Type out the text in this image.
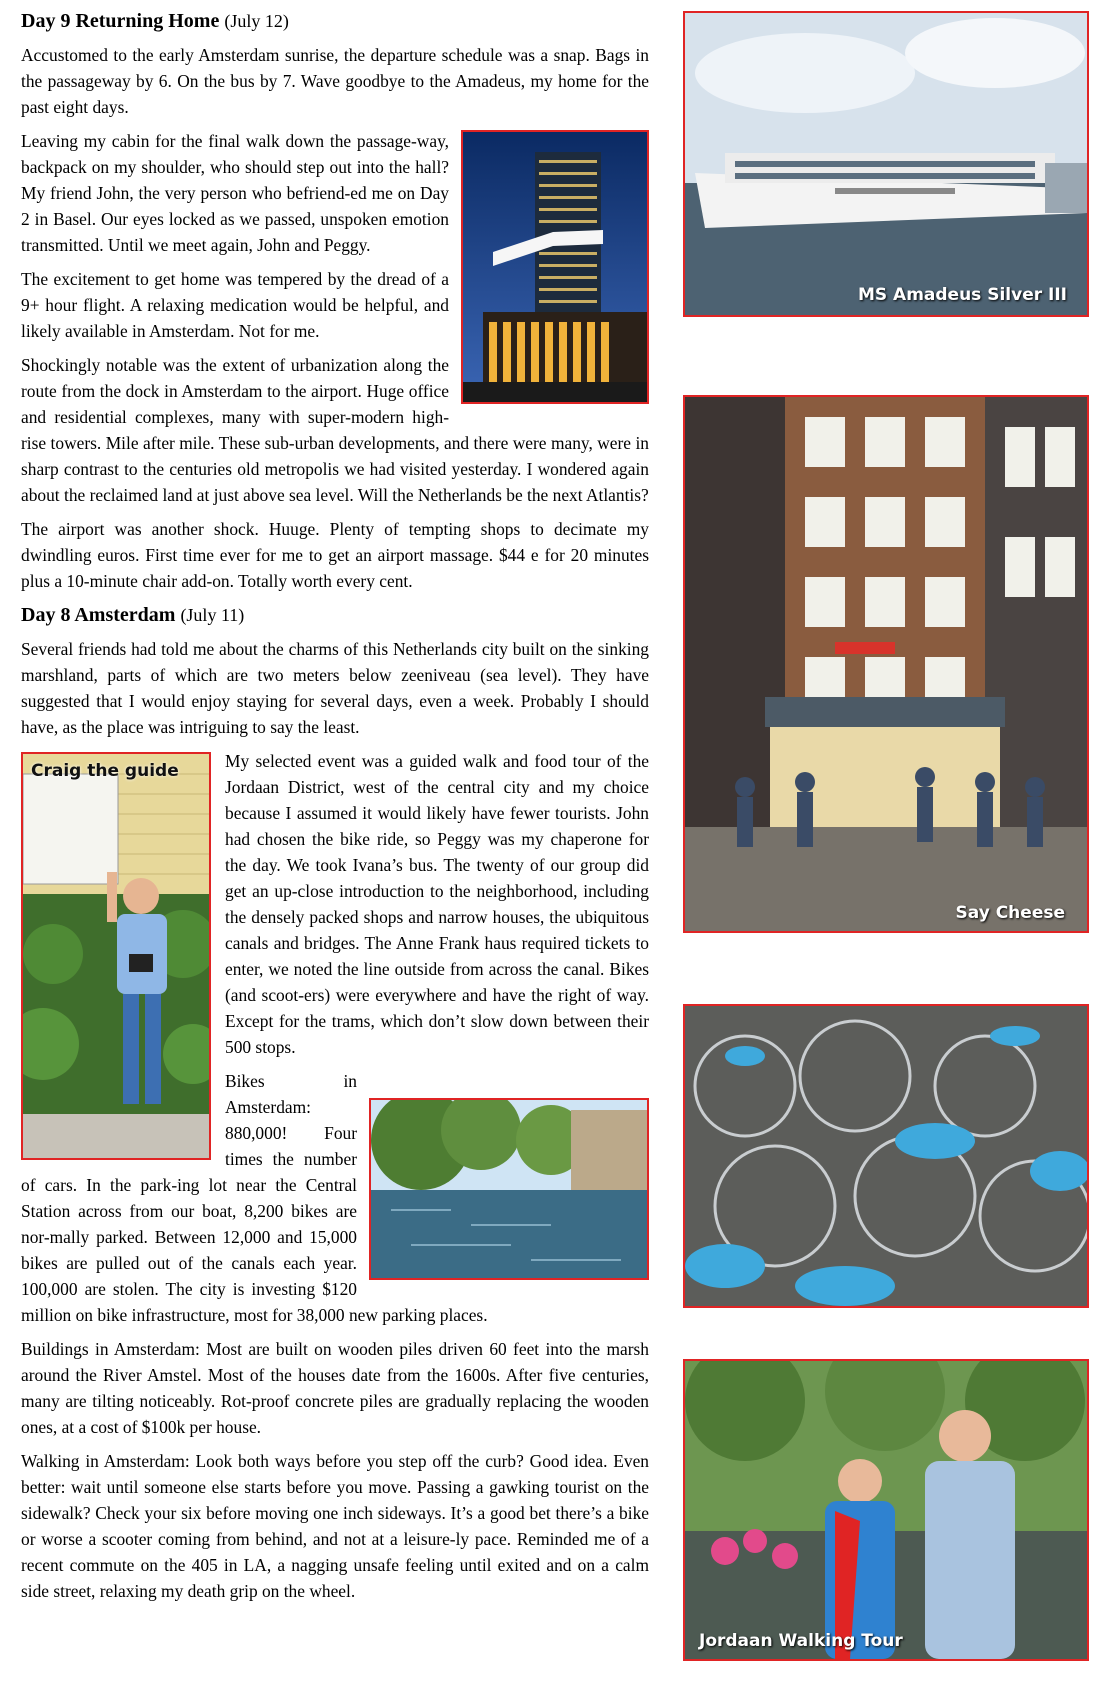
Day 9 Returning Home (July 12)

Accustomed to the early Amsterdam sunrise, the departure schedule was a snap. Bags in the passageway by 6. On the bus by 7. Wave goodbye to the Amadeus, my home for the past eight days.

Leaving my cabin for the final walk down the passage-way, backpack on my shoulder, who should step out into the hall? My friend John, the very person who befriend-ed me on Day 2 in Basel. Our eyes locked as we passed, unspoken emotion transmitted. Until we meet again, John and Peggy.

The excitement to get home was tempered by the dread of a 9+ hour flight. A relaxing medication would be helpful, and likely available in Amsterdam. Not for me.

Shockingly notable was the extent of urbanization along the route from the dock in Amsterdam to the airport. Huge office and residential complexes, many with super-modern high-rise towers. Mile after mile. These sub-urban developments, and there were many, were in sharp contrast to the centuries old metropolis we had visited yesterday. I wondered again about the reclaimed land at just above sea level. Will the Netherlands be the next Atlantis?

The airport was another shock. Huuge. Plenty of tempting shops to decimate my dwindling euros. First time ever for me to get an airport massage. $44 e for 20 minutes plus a 10-minute chair add-on. Totally worth every cent.

Day 8 Amsterdam (July 11)

Several friends had told me about the charms of this Netherlands city built on the sinking marshland, parts of which are two meters below zeeniveau (sea level). They have suggested that I would enjoy staying for several days, even a week. Probably I should have, as the place was intriguing to say the least.

Craig the guide	My selected event was a guided walk and food tour of the Jordaan District, west of the central city and my choice because I assumed it would likely have fewer tourists. John had chosen the bike ride, so Peggy was my chaperone for the day. We took Ivana’s bus. The twenty of our group did get an up-close introduction to the neighborhood, including the densely packed shops and narrow houses, the ubiquitous canals and bridges. The Anne Frank haus required tickets to enter, we noted the line outside from across the canal. Bikes (and scoot-ers) were everywhere and have the right of way. Except for the trams, which don’t slow down between their 500 stops.

Bikes in Amsterdam: 880,000! Four times the number of cars. In the park-ing lot near the Central Station across from our boat, 8,200 bikes are nor-mally parked. Between 12,000 and 15,000 bikes are pulled out of the canals each year. 100,000 are stolen. The city is investing $120 million on bike infrastructure, most for 38,000 new parking places.

Buildings in Amsterdam: Most are built on wooden piles driven 60 feet into the marsh around the River Amstel. Most of the houses date from the 1600s. After five centuries, many are tilting noticeably. Rot-proof concrete piles are gradually replacing the wooden ones, at a cost of $100k per house.

Walking in Amsterdam: Look both ways before you step off the curb? Good idea. Even better: wait until someone else starts before you move. Passing a gawking tourist on the sidewalk? Check your six before moving one inch sideways. It’s a good bet there’s a bike or worse a scooter coming from behind, and not at a leisure-ly pace. Reminded me of a recent commute on the 405 in LA, a nagging unsafe feeling until exited and on a calm side street, relaxing my death grip on the wheel.

MS Amadeus Silver III
Say Cheese
Jordaan Walking Tour
